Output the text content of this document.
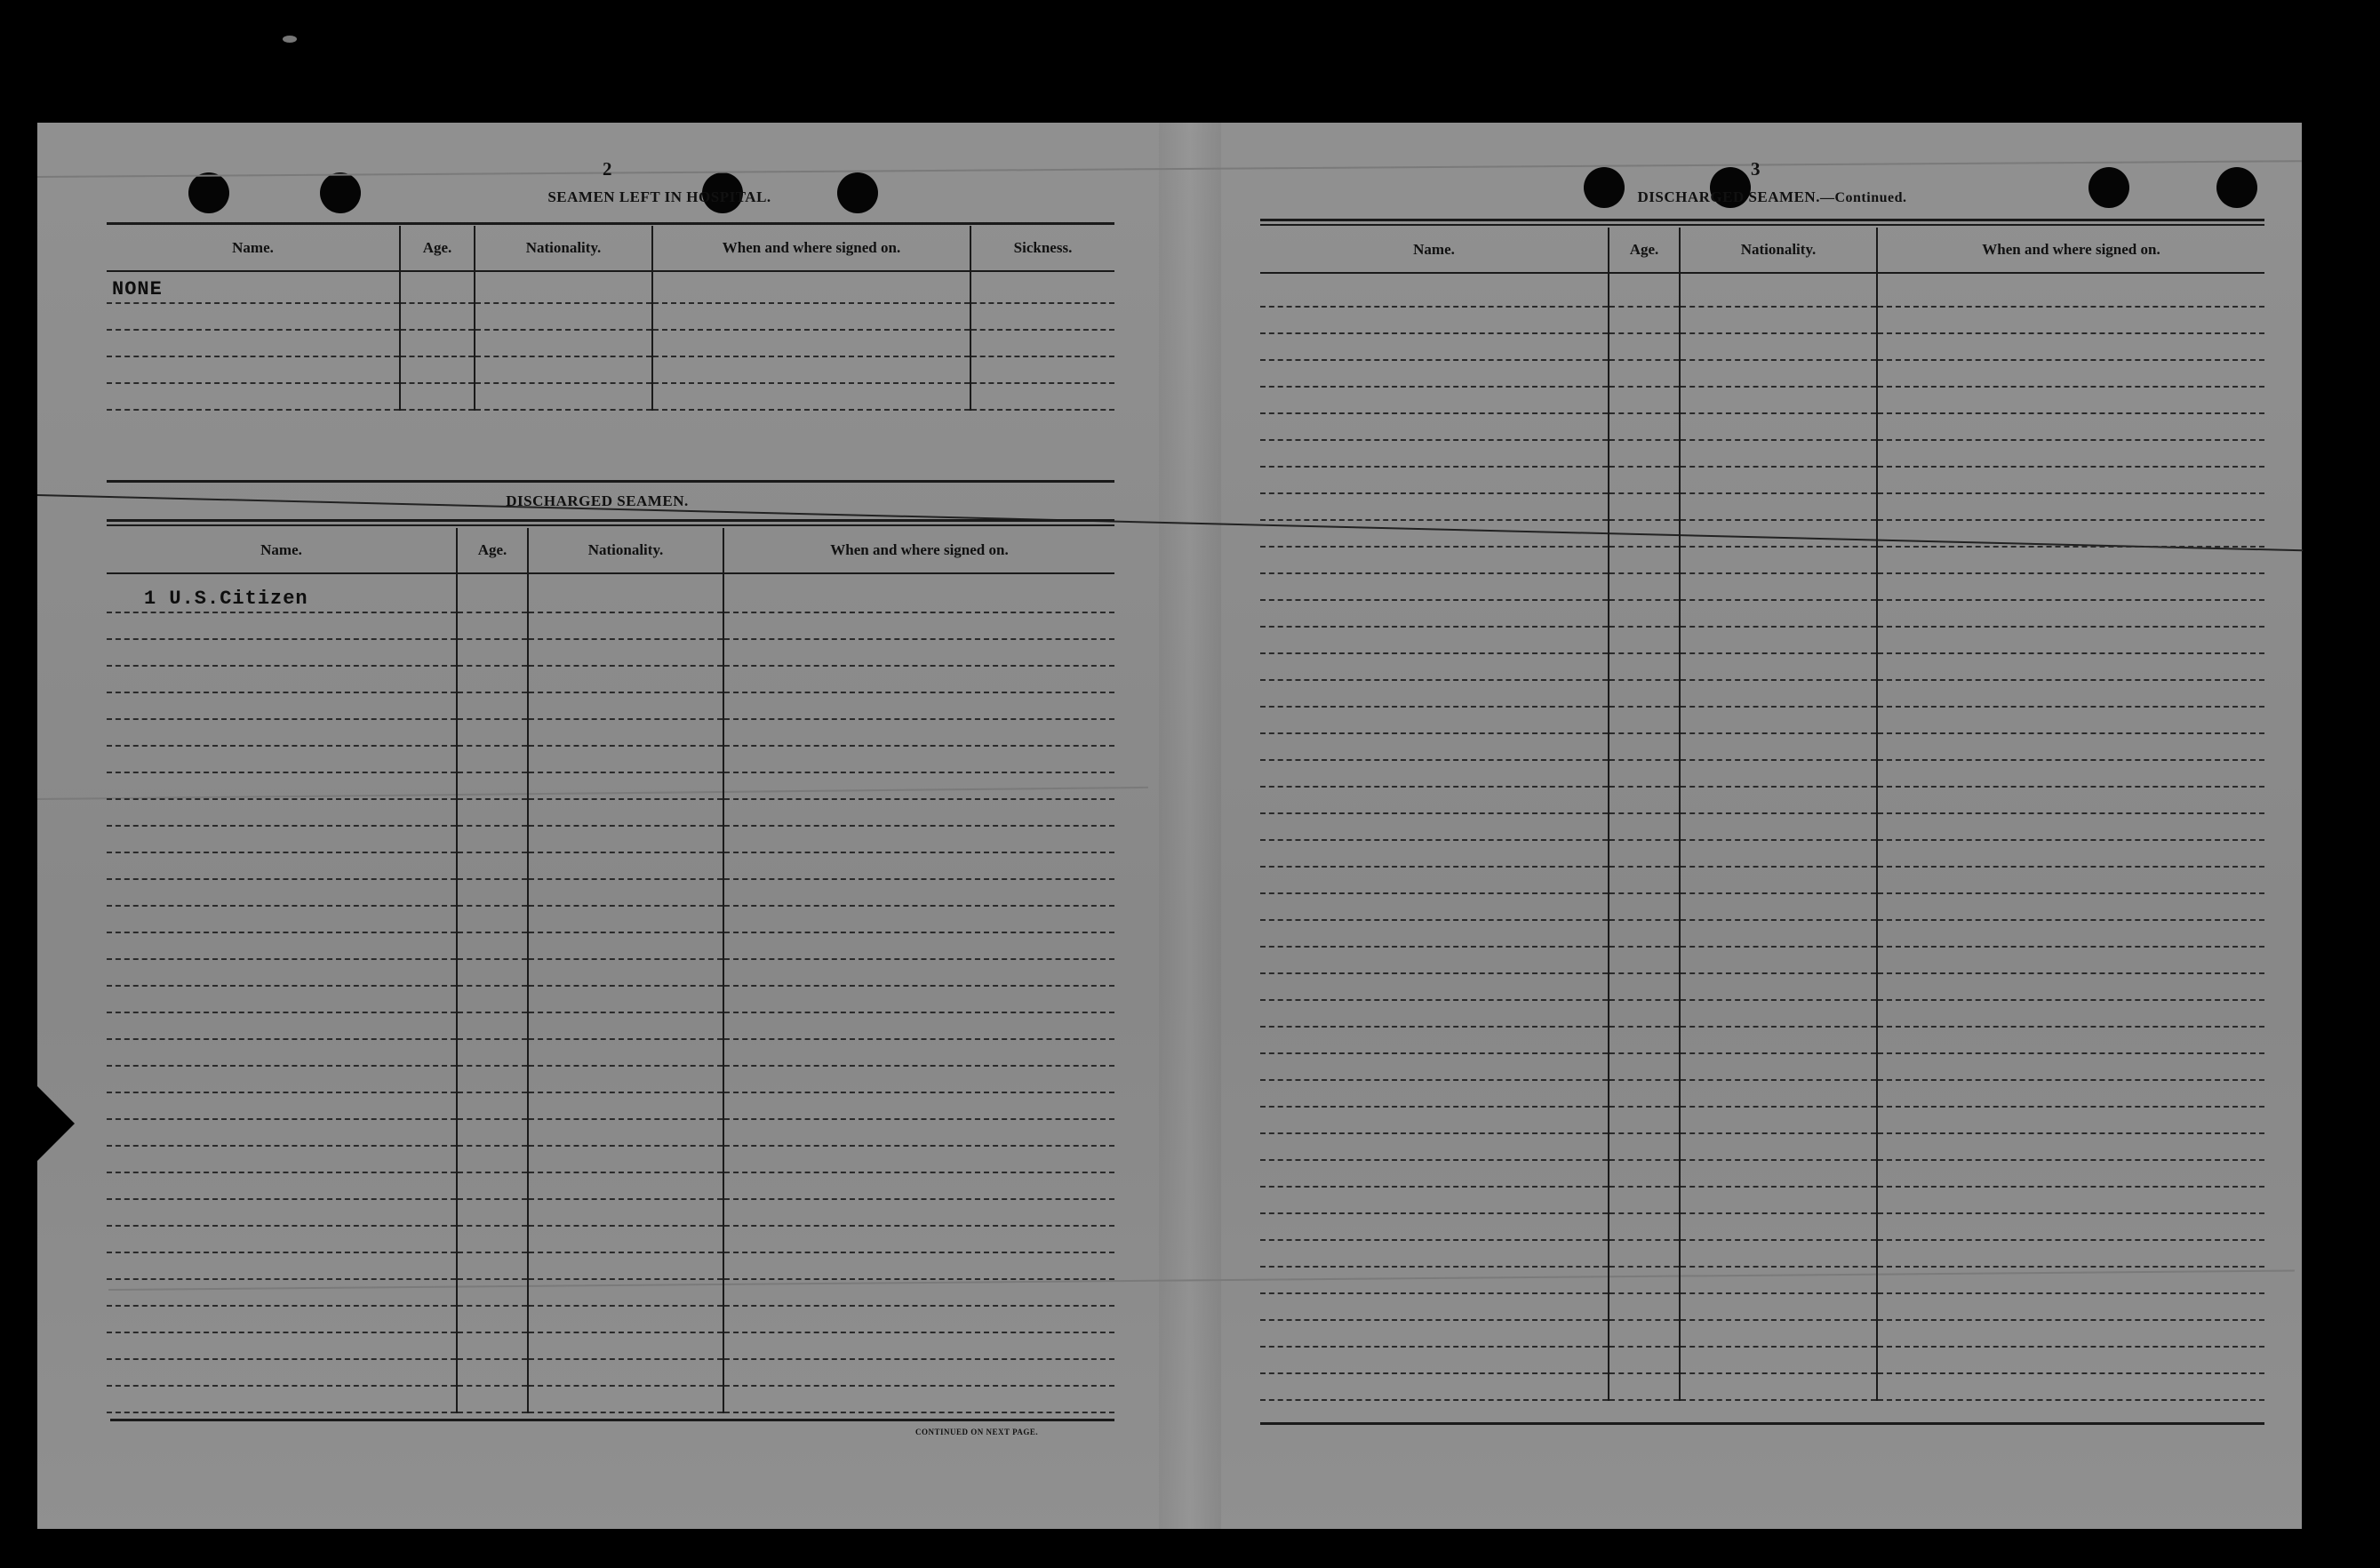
2
SEAMEN LEFT IN HOSPITAL.
Name.	Age.	Nationality.	When and where signed on.	Sickness.

NONE				

DISCHARGED SEAMEN.
Name.	Age.	Nationality.	When and where signed on.

1 U.S.Citizen			

CONTINUED ON NEXT PAGE.
3
DISCHARGED SEAMEN.—Continued.
Name.	Age.	Nationality.	When and where signed on.
